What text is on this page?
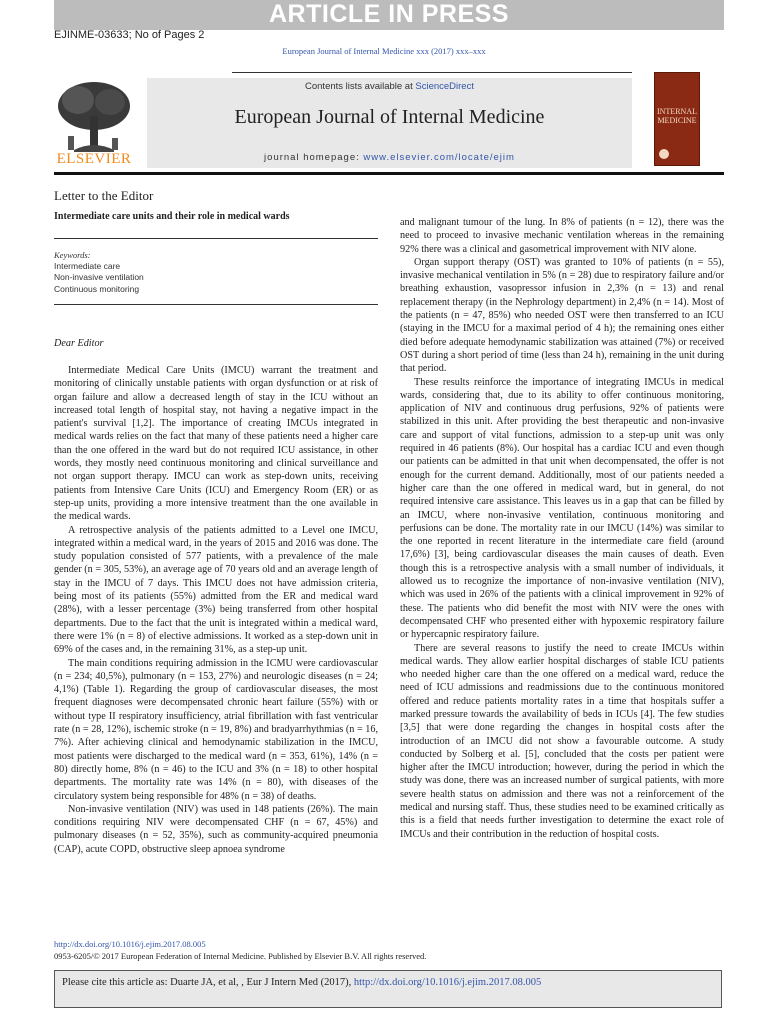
ARTICLE IN PRESS
EJINME-03633; No of Pages 2
European Journal of Internal Medicine xxx (2017) xxx–xxx
ELSEVIER
Contents lists available at ScienceDirect
European Journal of Internal Medicine
journal homepage: www.elsevier.com/locate/ejim
INTERNAL MEDICINE
Letter to the Editor
Intermediate care units and their role in medical wards
Keywords:
Intermediate care
Non-invasive ventilation
Continuous monitoring
Dear Editor

Intermediate Medical Care Units (IMCU) warrant the treatment and monitoring of clinically unstable patients with organ dysfunction or at risk of organ failure and allow a decreased length of stay in the ICU without an increased total length of hospital stay, not having a negative impact in the patient's survival [1,2]. The importance of creating IMCUs integrated in medical wards relies on the fact that many of these patients need a higher care than the one offered in the ward but do not required ICU assistance, in other words, they mostly need continuous monitoring and clinical surveillance and not organ support therapy. IMCU can work as step-down units, receiving patients from Intensive Care Units (ICU) and Emergency Room (ER) or as step-up units, providing a more intensive treatment than the one available in the medical wards.

A retrospective analysis of the patients admitted to a Level one IMCU, integrated within a medical ward, in the years of 2015 and 2016 was done. The study population consisted of 577 patients, with a prevalence of the male gender (n = 305, 53%), an average age of 70 years old and an average length of stay in the IMCU of 7 days. This IMCU does not have admission criteria, being most of its patients (55%) admitted from the ER and medical ward (28%), with a lesser percentage (3%) being transferred from other hospital departments. Due to the fact that the unit is integrated within a medical ward, there were 1% (n = 8) of elective admissions. It worked as a step-down unit in 69% of the cases and, in the remaining 31%, as a step-up unit.

The main conditions requiring admission in the ICMU were cardiovascular (n = 234; 40,5%), pulmonary (n = 153, 27%) and neurologic diseases (n = 24; 4,1%) (Table 1). Regarding the group of cardiovascular diseases, the most frequent diagnoses were decompensated chronic heart failure (55%) with or without type II respiratory insufficiency, atrial fibrillation with fast ventricular rate (n = 28, 12%), ischemic stroke (n = 19, 8%) and bradyarrhythmias (n = 16, 7%). After achieving clinical and hemodynamic stabilization in the IMCU, most patients were discharged to the medical ward (n = 353, 61%), 14% (n = 80) directly home, 8% (n = 46) to the ICU and 3% (n = 18) to other hospital departments. The mortality rate was 14% (n = 80), with diseases of the circulatory system being responsible for 48% (n = 38) of deaths.

Non-invasive ventilation (NIV) was used in 148 patients (26%). The main conditions requiring NIV were decompensated CHF (n = 67, 45%) and pulmonary diseases (n = 52, 35%), such as community-acquired pneumonia (CAP), acute COPD, obstructive sleep apnoea syndrome

and malignant tumour of the lung. In 8% of patients (n = 12), there was the need to proceed to invasive mechanic ventilation whereas in the remaining 92% there was a clinical and gasometrical improvement with NIV alone.

Organ support therapy (OST) was granted to 10% of patients (n = 55), invasive mechanical ventilation in 5% (n = 28) due to respiratory failure and/or breathing exhaustion, vasopressor infusion in 2,3% (n = 13) and renal replacement therapy (in the Nephrology department) in 2,4% (n = 14). Most of the patients (n = 47, 85%) who needed OST were then transferred to an ICU (staying in the IMCU for a maximal period of 4 h); the remaining ones either died before adequate hemodynamic stabilization was attained (7%) or received OST during a short period of time (less than 24 h), remaining in the unit during that period.

These results reinforce the importance of integrating IMCUs in medical wards, considering that, due to its ability to offer continuous monitoring, application of NIV and continuous drug perfusions, 92% of patients were stabilized in this unit. After providing the best therapeutic and non-invasive care and support of vital functions, admission to a step-up unit was only required in 46 patients (8%). Our hospital has a cardiac ICU and even though our patients can be admitted in that unit when decompensated, the offer is not enough for the current demand. Additionally, most of our patients needed a higher care than the one offered in medical ward, but in general, do not required intensive care assistance. This leaves us in a gap that can be filled by an IMCU, where non-invasive ventilation, continuous monitoring and perfusions can be done. The mortality rate in our IMCU (14%) was similar to the one reported in recent literature in the intermediate care field (around 17,6%) [3], being cardiovascular diseases the main causes of death. Even though this is a retrospective analysis with a small number of individuals, it allowed us to recognize the importance of non-invasive ventilation (NIV), which was used in 26% of the patients with a clinical improvement in 92% of these. The patients who did benefit the most with NIV were the ones with decompensated CHF who presented either with hypoxemic respiratory failure or hypercapnic respiratory failure.

There are several reasons to justify the need to create IMCUs within medical wards. They allow earlier hospital discharges of stable ICU patients who needed higher care than the one offered on a medical ward, reduce the need of ICU admissions and readmissions due to the continuous monitored offered and reduce patients mortality rates in a time that hospitals suffer a marked pressure towards the availability of beds in ICUs [4]. The few studies [3,5] that were done regarding the changes in hospital costs after the introduction of an IMCU did not show a favourable outcome. A study conducted by Solberg et al. [5], concluded that the costs per patient were higher after the IMCU introduction; however, during the period in which the study was done, there was an increased number of surgical patients, with more severe health status on admission and there was not a reinforcement of the medical and nursing staff. Thus, these studies need to be examined critically as this is a field that needs further investigation to determine the exact role of IMCUs and their contribution in the reduction of hospital costs.

http://dx.doi.org/10.1016/j.ejim.2017.08.005
0953-6205/© 2017 European Federation of Internal Medicine. Published by Elsevier B.V. All rights reserved.
Please cite this article as: Duarte JA, et al, , Eur J Intern Med (2017), http://dx.doi.org/10.1016/j.ejim.2017.08.005
